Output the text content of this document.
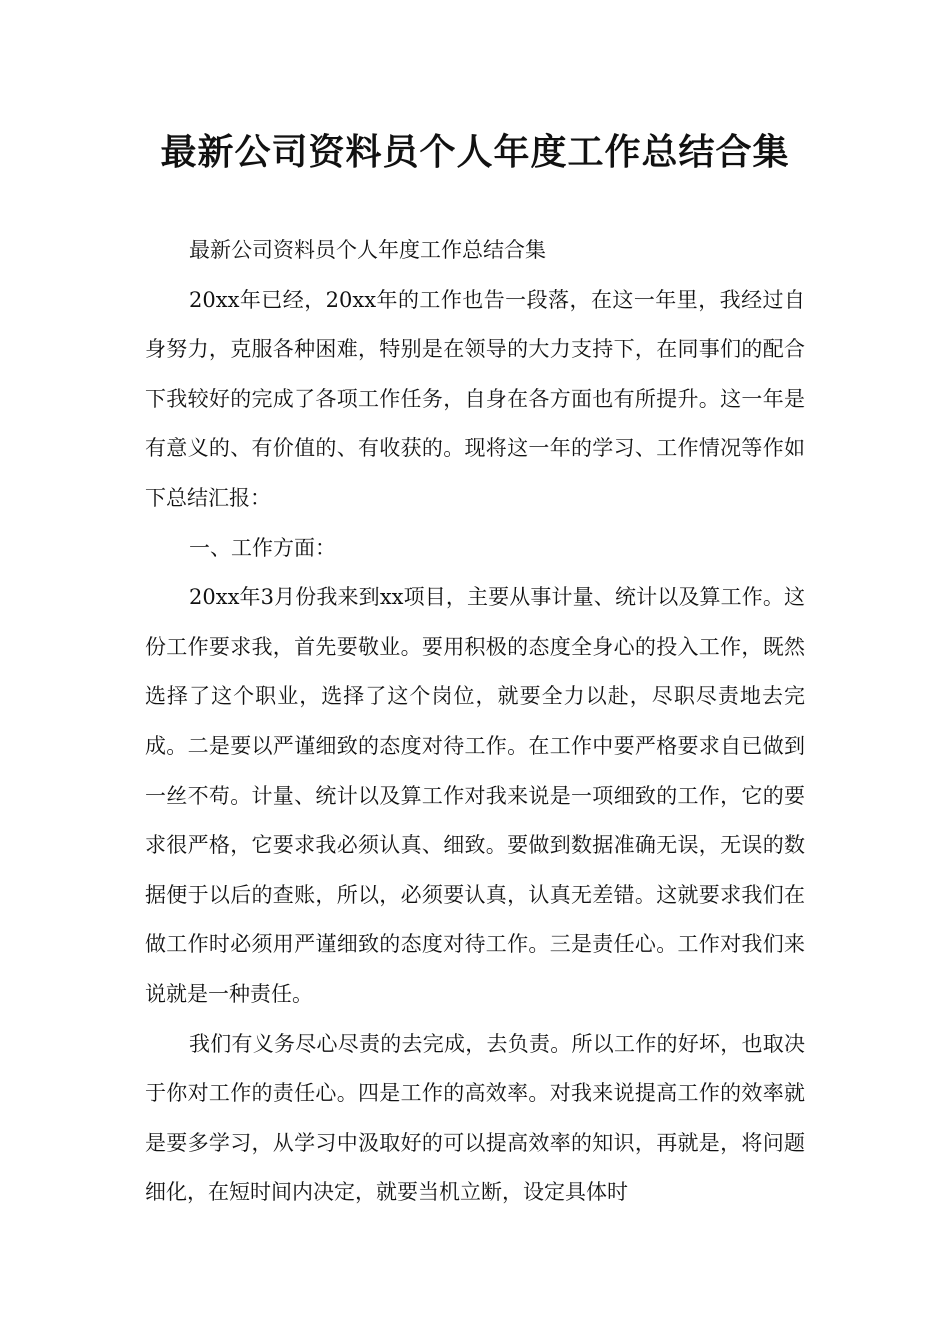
最新公司资料员个人年度工作总结合集

最新公司资料员个人年度工作总结合集

20xx年已经，20xx年的工作也告一段落，在这一年里，我经过自身努力，克服各种困难，特别是在领导的大力支持下，在同事们的配合下我较好的完成了各项工作任务，自身在各方面也有所提升。这一年是有意义的、有价值的、有收获的。现将这一年的学习、工作情况等作如下总结汇报：

一、工作方面：

20xx年3月份我来到xx项目，主要从事计量、统计以及算工作。这份工作要求我，首先要敬业。要用积极的态度全身心的投入工作，既然选择了这个职业，选择了这个岗位，就要全力以赴，尽职尽责地去完成。二是要以严谨细致的态度对待工作。在工作中要严格要求自已做到一丝不苟。计量、统计以及算工作对我来说是一项细致的工作，它的要求很严格，它要求我必须认真、细致。要做到数据准确无误，无误的数据便于以后的查账，所以，必须要认真，认真无差错。这就要求我们在做工作时必须用严谨细致的态度对待工作。三是责任心。工作对我们来说就是一种责任。

我们有义务尽心尽责的去完成，去负责。所以工作的好坏，也取决于你对工作的责任心。四是工作的高效率。对我来说提高工作的效率就是要多学习，从学习中汲取好的可以提高效率的知识，再就是，将问题细化，在短时间内决定，就要当机立断，设定具体时
